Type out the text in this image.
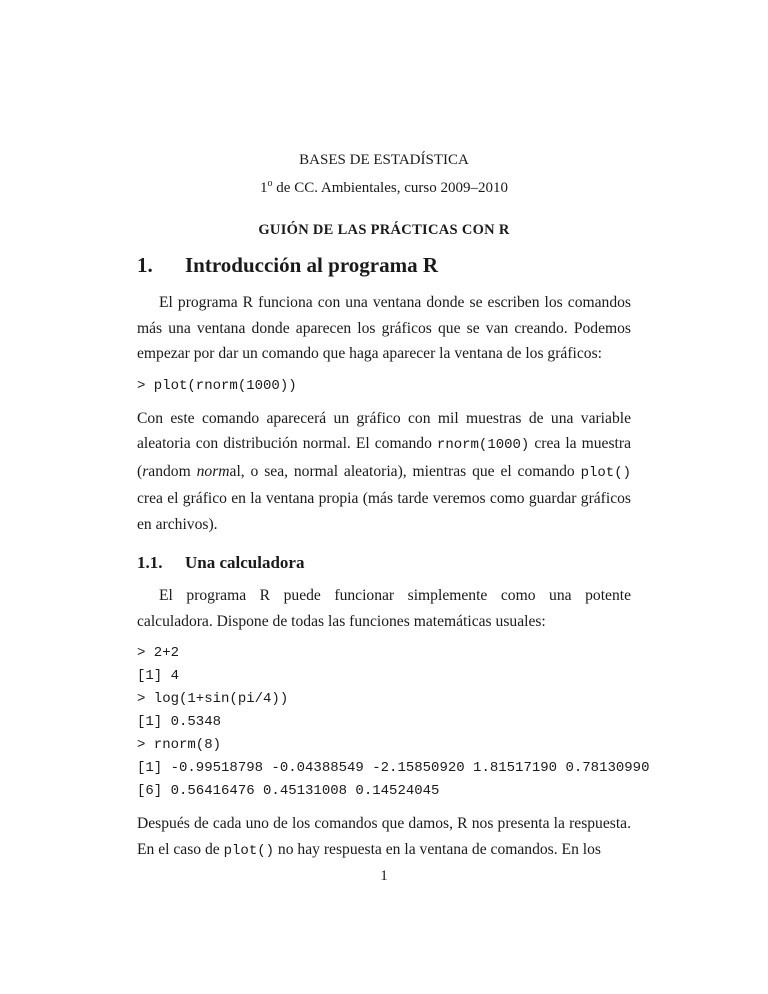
BASES DE ESTADÍSTICA
1$^o$ de CC. Ambientales, curso 2009–2010
GUIÓN DE LAS PRÁCTICAS CON R
1. Introducción al programa R

El programa R funciona con una ventana donde se escriben los comandos más una ventana donde aparecen los gráficos que se van creando. Podemos empezar por dar un comando que haga aparecer la ventana de los gráficos:

> plot(rnorm(1000))

Con este comando aparecerá un gráfico con mil muestras de una variable aleatoria con distribución normal. El comando rnorm(1000) crea la muestra (random normal, o sea, normal aleatoria), mientras que el comando plot() crea el gráfico en la ventana propia (más tarde veremos como guardar gráficos en archivos).

1.1. Una calculadora

El programa R puede funcionar simplemente como una potente calculadora. Dispone de todas las funciones matemáticas usuales:

> 2+2
[1] 4
> log(1+sin(pi/4))
[1] 0.5348
> rnorm(8)
[1] -0.99518798 -0.04388549 -2.15850920 1.81517190 0.78130990
[6] 0.56416476 0.45131008 0.14524045

Después de cada uno de los comandos que damos, R nos presenta la respuesta. En el caso de plot() no hay respuesta en la ventana de comandos. En los

1
